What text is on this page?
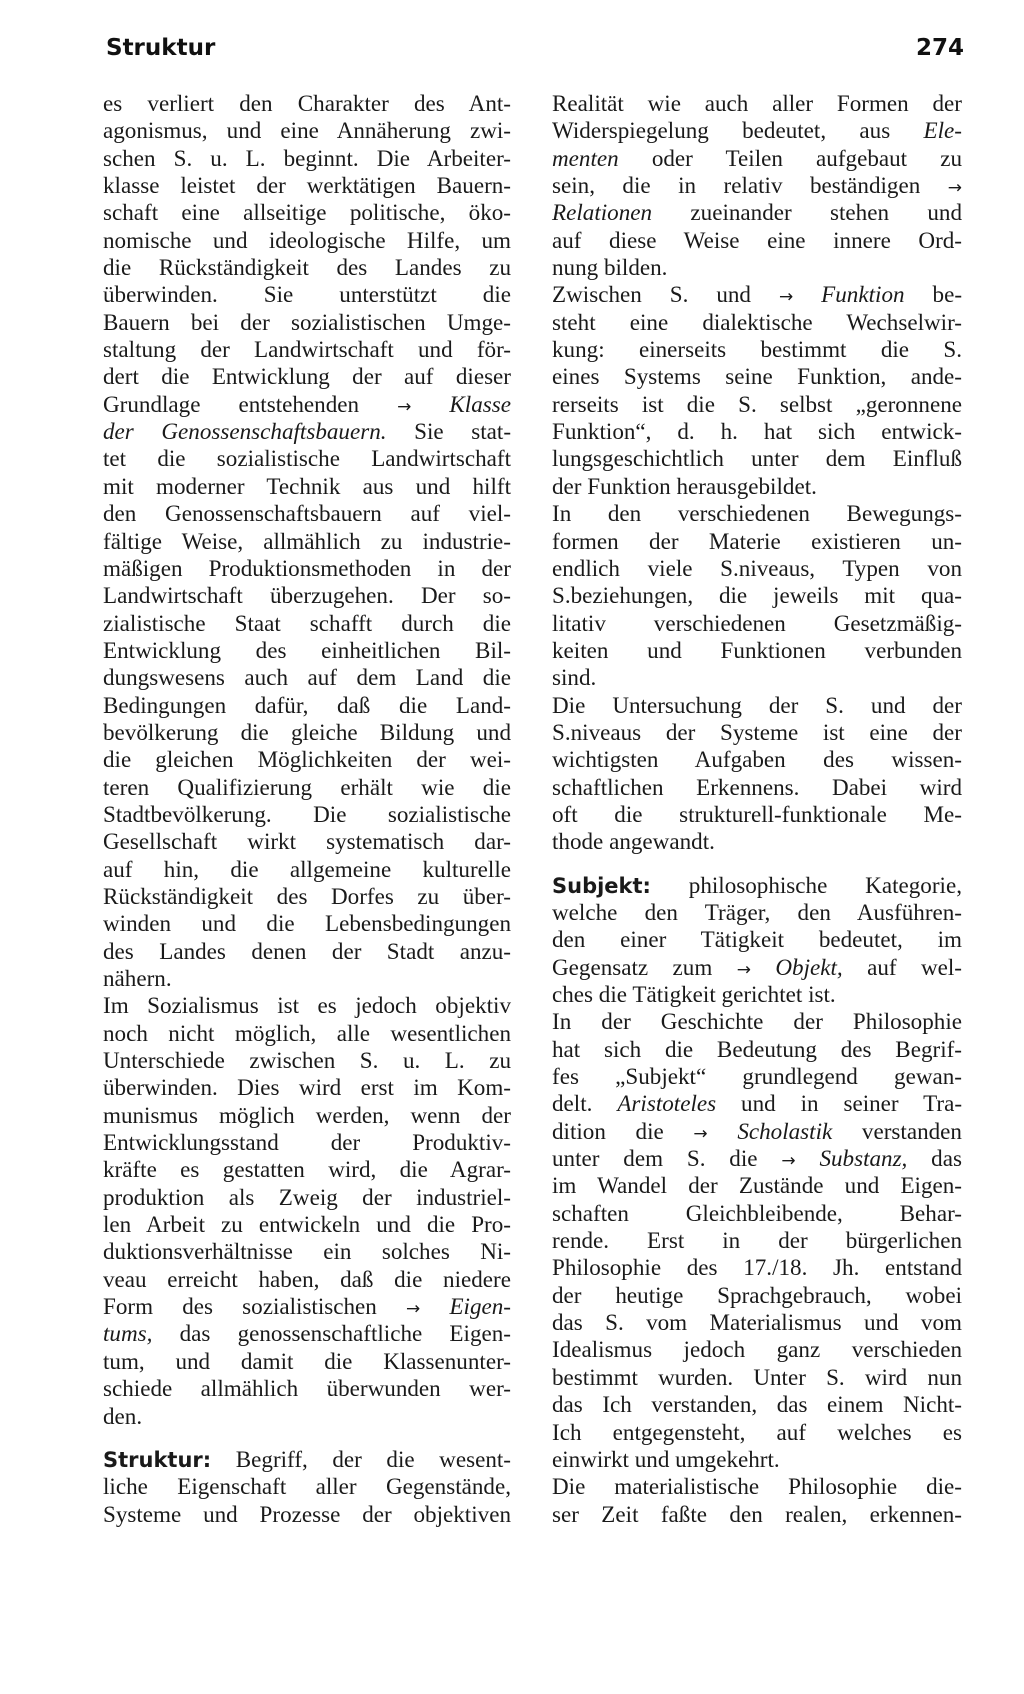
Struktur	274
es verliert den Charakter des Ant-
agonismus, und eine Annäherung zwi-
schen S. u. L. beginnt. Die Arbeiter-
klasse leistet der werktätigen Bauern-
schaft eine allseitige politische, öko-
nomische und ideologische Hilfe, um
die Rückständigkeit des Landes zu
überwinden. Sie unterstützt die
Bauern bei der sozialistischen Umge-
staltung der Landwirtschaft und för-
dert die Entwicklung der auf dieser
Grundlage entstehenden → Klasse
der Genossenschaftsbauern. Sie stat-
tet die sozialistische Landwirtschaft
mit moderner Technik aus und hilft
den Genossenschaftsbauern auf viel-
fältige Weise, allmählich zu industrie-
mäßigen Produktionsmethoden in der
Landwirtschaft überzugehen. Der so-
zialistische Staat schafft durch die
Entwicklung des einheitlichen Bil-
dungswesens auch auf dem Land die
Bedingungen dafür, daß die Land-
bevölkerung die gleiche Bildung und
die gleichen Möglichkeiten der wei-
teren Qualifizierung erhält wie die
Stadtbevölkerung. Die sozialistische
Gesellschaft wirkt systematisch dar-
auf hin, die allgemeine kulturelle
Rückständigkeit des Dorfes zu über-
winden und die Lebensbedingungen
des Landes denen der Stadt anzu-
nähern.
Im Sozialismus ist es jedoch objektiv
noch nicht möglich, alle wesentlichen
Unterschiede zwischen S. u. L. zu
überwinden. Dies wird erst im Kom-
munismus möglich werden, wenn der
Entwicklungsstand der Produktiv-
kräfte es gestatten wird, die Agrar-
produktion als Zweig der industriel-
len Arbeit zu entwickeln und die Pro-
duktionsverhältnisse ein solches Ni-
veau erreicht haben, daß die niedere
Form des sozialistischen → Eigen-
tums, das genossenschaftliche Eigen-
tum, und damit die Klassenunter-
schiede allmählich überwunden wer-
den.
Struktur: Begriff, der die wesent-
liche Eigenschaft aller Gegenstände,
Systeme und Prozesse der objektiven
Realität wie auch aller Formen der
Widerspiegelung bedeutet, aus Ele-
menten oder Teilen aufgebaut zu
sein, die in relativ beständigen →
Relationen zueinander stehen und
auf diese Weise eine innere Ord-
nung bilden.
Zwischen S. und → Funktion be-
steht eine dialektische Wechselwir-
kung: einerseits bestimmt die S.
eines Systems seine Funktion, ande-
rerseits ist die S. selbst „geronnene
Funktion“, d. h. hat sich entwick-
lungsgeschichtlich unter dem Einfluß
der Funktion herausgebildet.
In den verschiedenen Bewegungs-
formen der Materie existieren un-
endlich viele S.niveaus, Typen von
S.beziehungen, die jeweils mit qua-
litativ verschiedenen Gesetzmäßig-
keiten und Funktionen verbunden
sind.
Die Untersuchung der S. und der
S.niveaus der Systeme ist eine der
wichtigsten Aufgaben des wissen-
schaftlichen Erkennens. Dabei wird
oft die strukturell-funktionale Me-
thode angewandt.
Subjekt: philosophische Kategorie,
welche den Träger, den Ausführen-
den einer Tätigkeit bedeutet, im
Gegensatz zum → Objekt, auf wel-
ches die Tätigkeit gerichtet ist.
In der Geschichte der Philosophie
hat sich die Bedeutung des Begrif-
fes „Subjekt“ grundlegend gewan-
delt. Aristoteles und in seiner Tra-
dition die → Scholastik verstanden
unter dem S. die → Substanz, das
im Wandel der Zustände und Eigen-
schaften Gleichbleibende, Behar-
rende. Erst in der bürgerlichen
Philosophie des 17./18. Jh. entstand
der heutige Sprachgebrauch, wobei
das S. vom Materialismus und vom
Idealismus jedoch ganz verschieden
bestimmt wurden. Unter S. wird nun
das Ich verstanden, das einem Nicht-
Ich entgegensteht, auf welches es
einwirkt und umgekehrt.
Die materialistische Philosophie die-
ser Zeit faßte den realen, erkennen-
